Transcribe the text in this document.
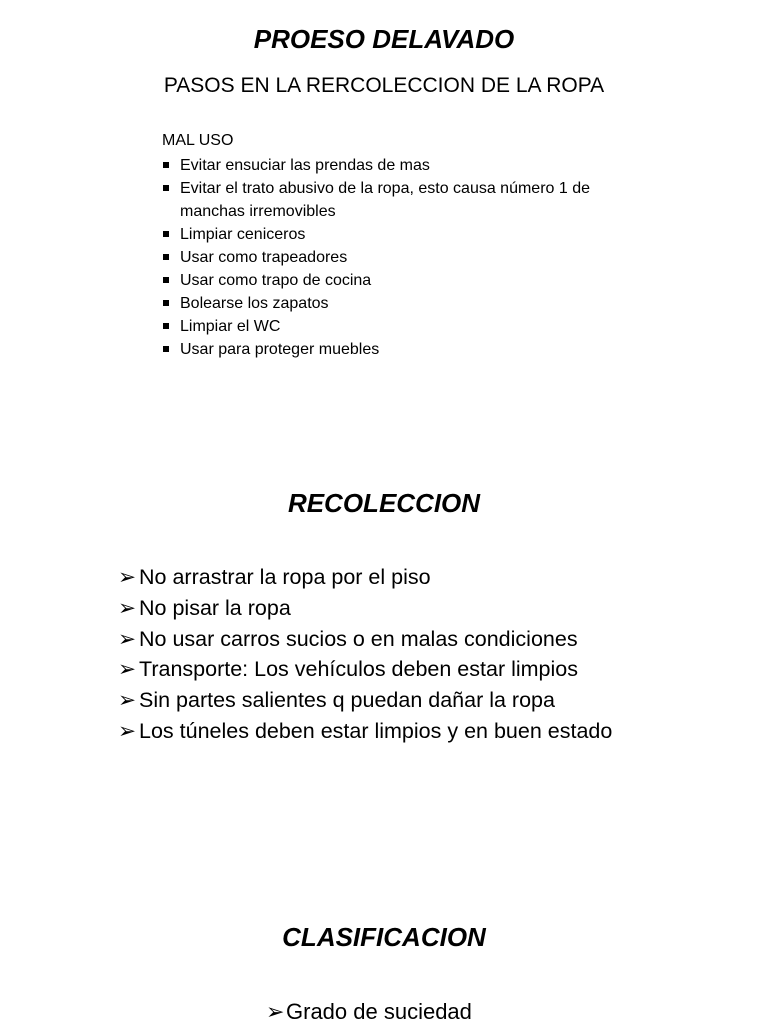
PROESO DELAVADO

PASOS EN LA RERCOLECCION DE LA ROPA

MAL USO

Evitar ensuciar las prendas de mas
Evitar el trato abusivo de la ropa, esto causa número 1 de manchas irremovibles
Limpiar ceniceros
Usar como trapeadores
Usar como trapo de cocina
Bolearse los zapatos
Limpiar el WC
Usar para proteger muebles
RECOLECCION
➢ No arrastrar la ropa por el piso
➢ No pisar la ropa
➢ No usar carros sucios o en malas condiciones
➢ Transporte: Los vehículos deben estar limpios
➢ Sin partes salientes q puedan dañar la ropa
➢ Los túneles deben estar limpios y en buen estado
CLASIFICACION
➢ Grado de suciedad
